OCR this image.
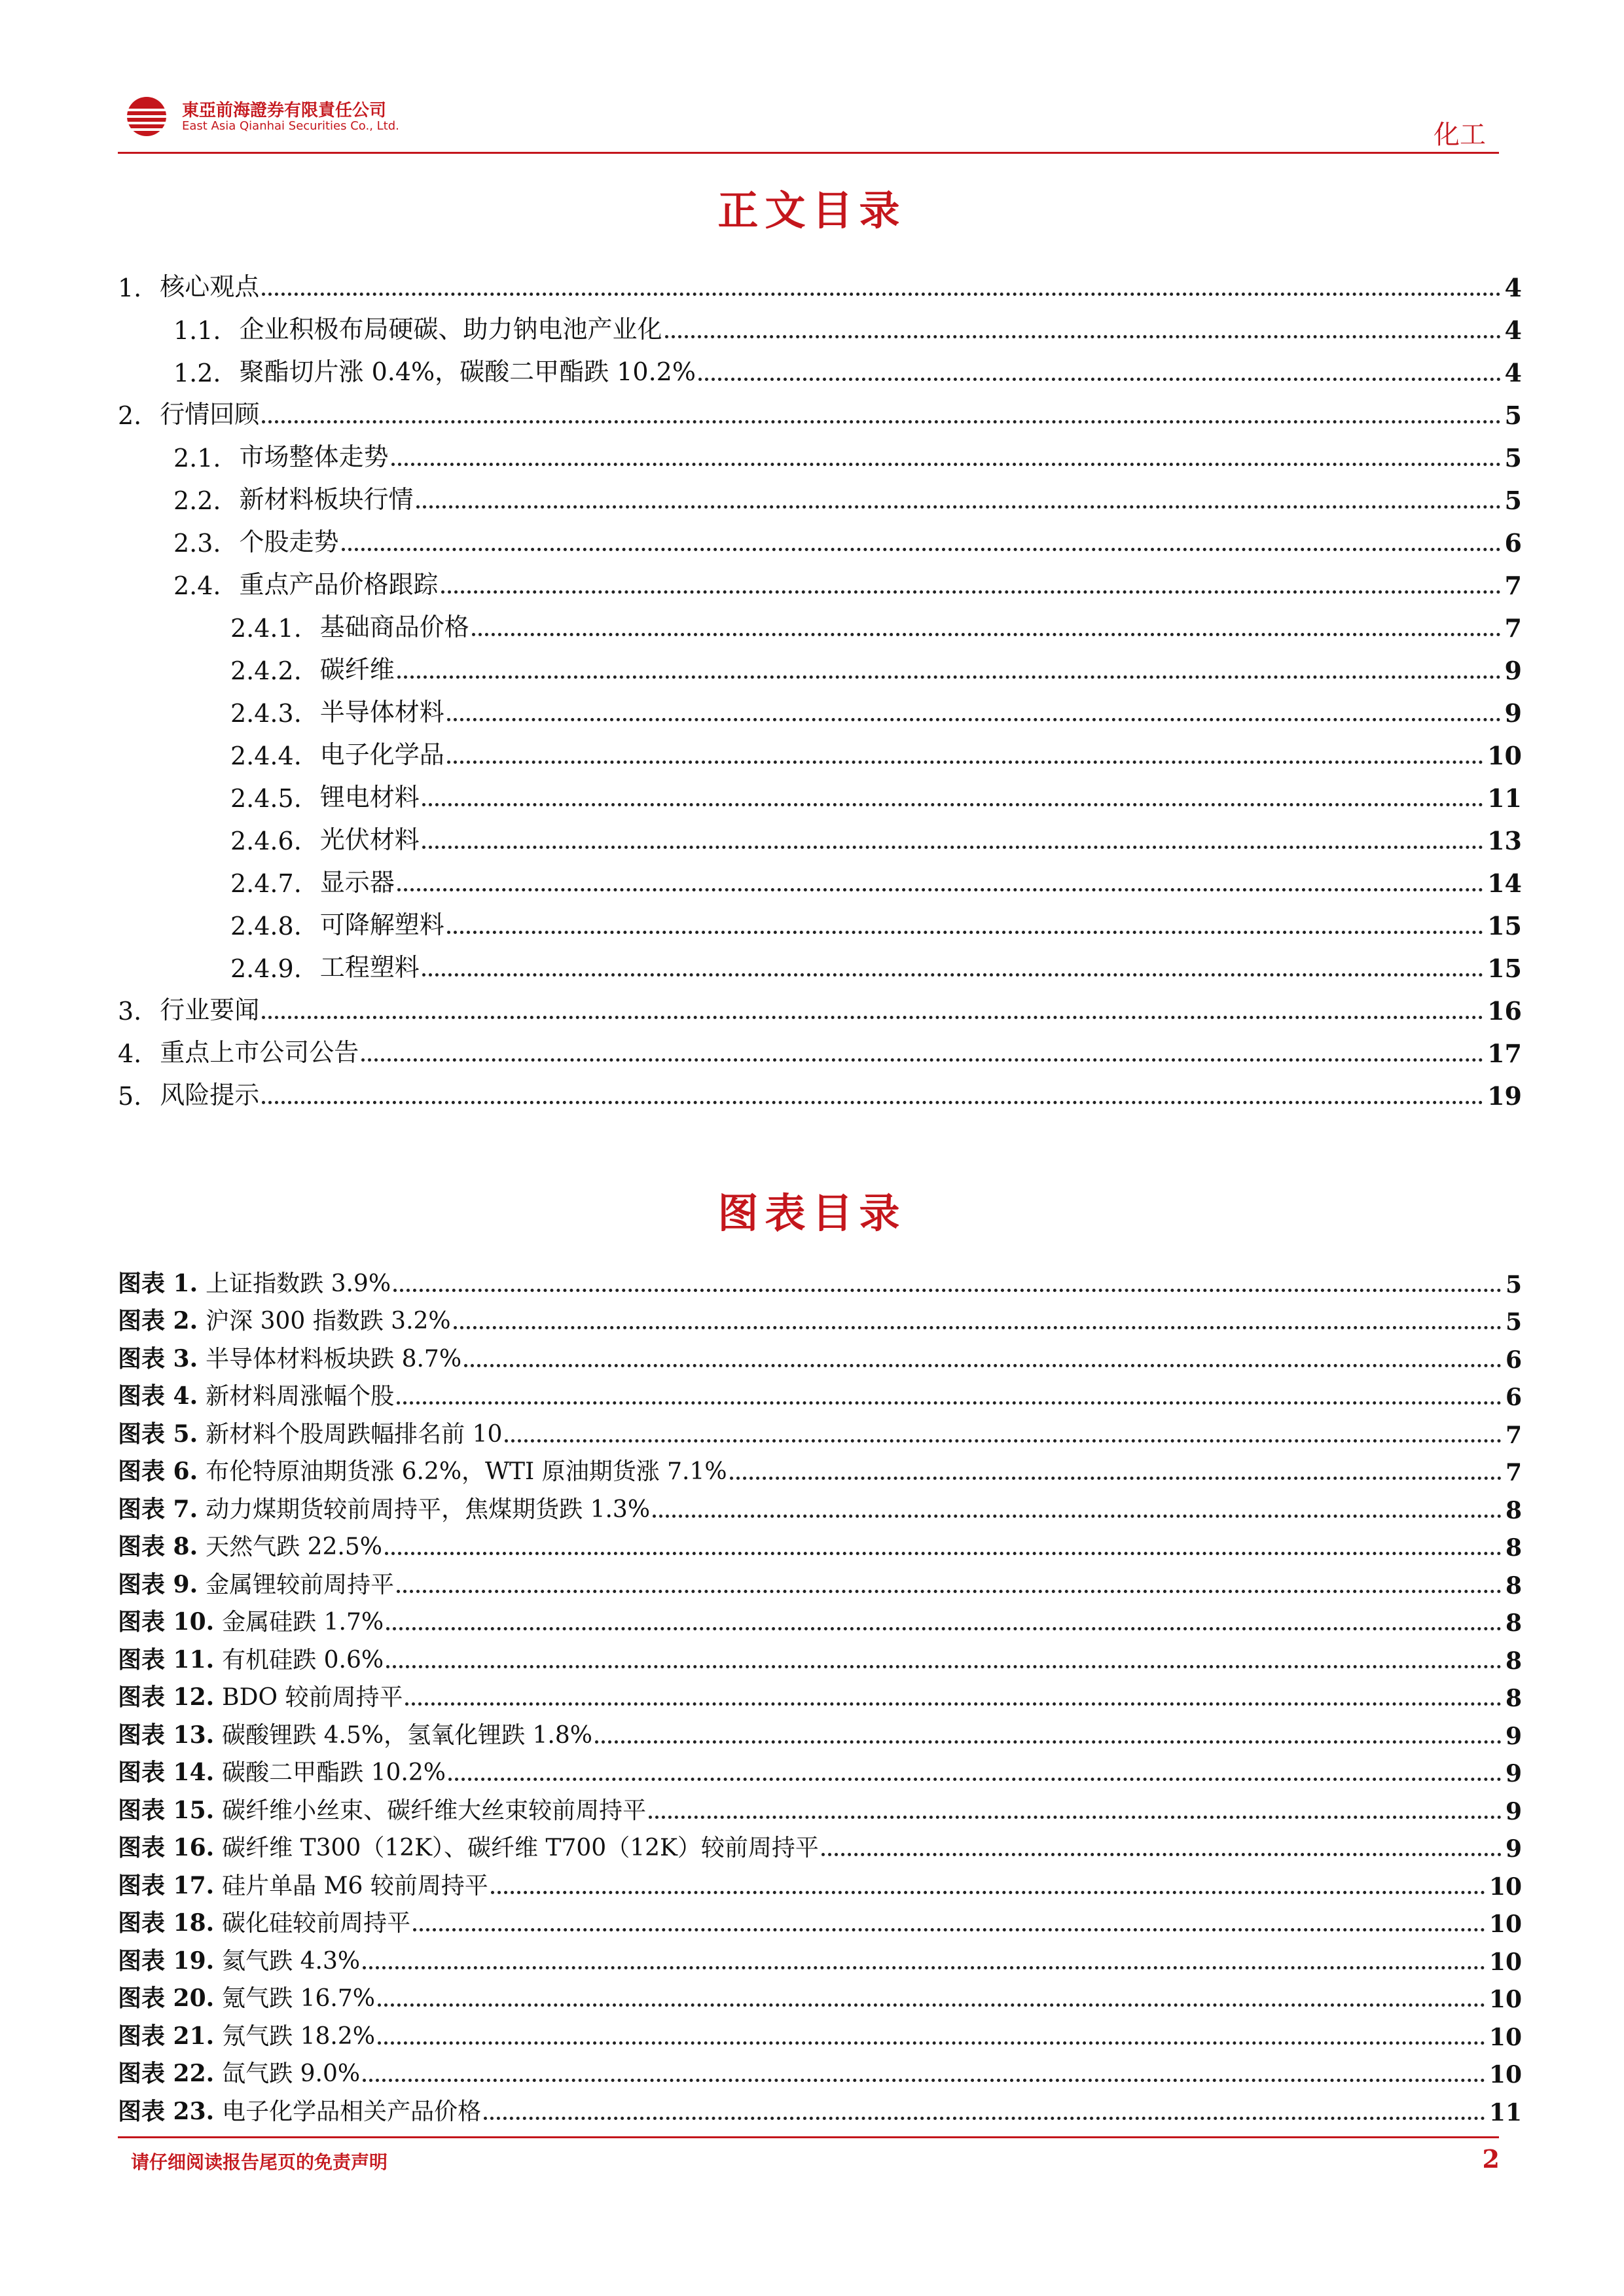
東亞前海證券有限責任公司
East Asia Qianhai Securities Co., Ltd.	化工
正文目录
1. 核心观点	4
1.1. 企业积极布局硬碳、助力钠电池产业化	4
1.2. 聚酯切片涨 0.4%，碳酸二甲酯跌 10.2%	4
2. 行情回顾	5
2.1. 市场整体走势	5
2.2. 新材料板块行情	5
2.3. 个股走势	6
2.4. 重点产品价格跟踪	7
2.4.1. 基础商品价格	7
2.4.2. 碳纤维	9
2.4.3. 半导体材料	9
2.4.4. 电子化学品	10
2.4.5. 锂电材料	11
2.4.6. 光伏材料	13
2.4.7. 显示器	14
2.4.8. 可降解塑料	15
2.4.9. 工程塑料	15
3. 行业要闻	16
4. 重点上市公司公告	17
5. 风险提示	19
图表目录
图表 1. 上证指数跌 3.9%	5
图表 2. 沪深 300 指数跌 3.2%	5
图表 3. 半导体材料板块跌 8.7%	6
图表 4. 新材料周涨幅个股	6
图表 5. 新材料个股周跌幅排名前 10	7
图表 6. 布伦特原油期货涨 6.2%，WTI 原油期货涨 7.1%	7
图表 7. 动力煤期货较前周持平，焦煤期货跌 1.3%	8
图表 8. 天然气跌 22.5%	8
图表 9. 金属锂较前周持平	8
图表 10. 金属硅跌 1.7%	8
图表 11. 有机硅跌 0.6%	8
图表 12. BDO 较前周持平	8
图表 13. 碳酸锂跌 4.5%，氢氧化锂跌 1.8%	9
图表 14. 碳酸二甲酯跌 10.2%	9
图表 15. 碳纤维小丝束、碳纤维大丝束较前周持平	9
图表 16. 碳纤维 T300（12K）、碳纤维 T700（12K）较前周持平	9
图表 17. 硅片单晶 M6 较前周持平	10
图表 18. 碳化硅较前周持平	10
图表 19. 氦气跌 4.3%	10
图表 20. 氪气跌 16.7%	10
图表 21. 氖气跌 18.2%	10
图表 22. 氙气跌 9.0%	10
图表 23. 电子化学品相关产品价格	11
请仔细阅读报告尾页的免责声明	2
